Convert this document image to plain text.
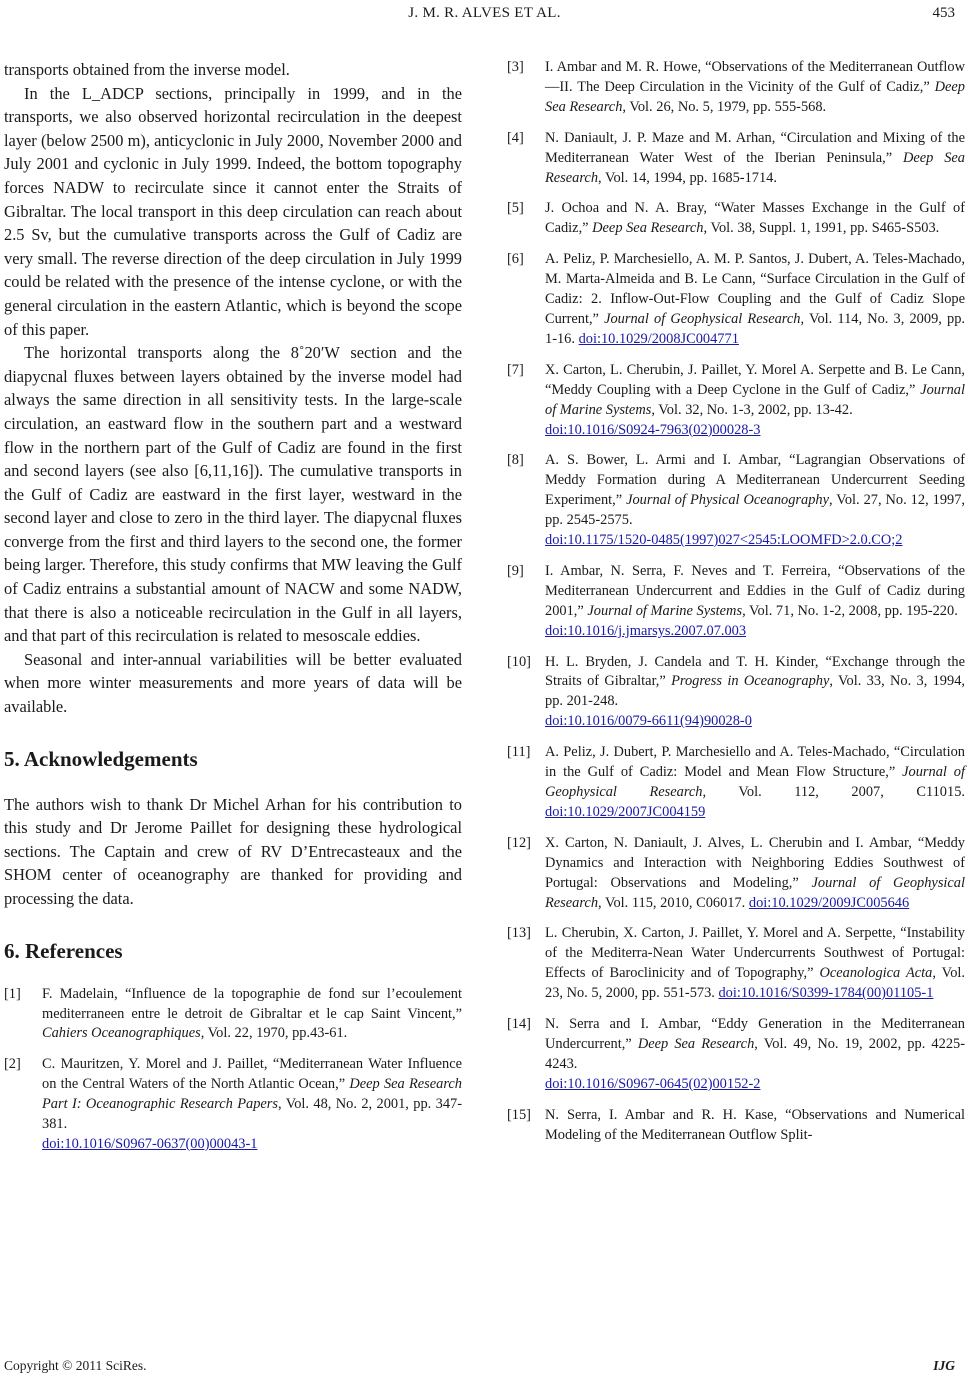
J. M. R. ALVES ET AL.	453

transports obtained from the inverse model.

In the L_ADCP sections, principally in 1999, and in the transports, we also observed horizontal recirculation in the deepest layer (below 2500 m), anticyclonic in July 2000, November 2000 and July 2001 and cyclonic in July 1999. Indeed, the bottom topography forces NADW to recirculate since it cannot enter the Straits of Gibraltar. The local transport in this deep circulation can reach about 2.5 Sv, but the cumulative transports across the Gulf of Cadiz are very small. The reverse direction of the deep circulation in July 1999 could be related with the presence of the intense cyclone, or with the general circulation in the eastern Atlantic, which is beyond the scope of this paper.

The horizontal transports along the 8˚20′W section and the diapycnal fluxes between layers obtained by the inverse model had always the same direction in all sensitivity tests. In the large-scale circulation, an eastward flow in the southern part and a westward flow in the northern part of the Gulf of Cadiz are found in the first and second layers (see also [6,11,16]). The cumulative transports in the Gulf of Cadiz are eastward in the first layer, westward in the second layer and close to zero in the third layer. The diapycnal fluxes converge from the first and third layers to the second one, the former being larger. Therefore, this study confirms that MW leaving the Gulf of Cadiz entrains a substantial amount of NACW and some NADW, that there is also a noticeable recirculation in the Gulf in all layers, and that part of this recirculation is related to mesoscale eddies.

Seasonal and inter-annual variabilities will be better evaluated when more winter measurements and more years of data will be available.

5. Acknowledgements

The authors wish to thank Dr Michel Arhan for his contribution to this study and Dr Jerome Paillet for designing these hydrological sections. The Captain and crew of RV D’Entrecasteaux and the SHOM center of oceanography are thanked for providing and processing the data.

6. References
[1]	F. Madelain, “Influence de la topographie de fond sur l’ecoulement mediterraneen entre le detroit de Gibraltar et le cap Saint Vincent,” Cahiers Oceanographiques, Vol. 22, 1970, pp.43-61.
[2]	C. Mauritzen, Y. Morel and J. Paillet, “Mediterranean Water Influence on the Central Waters of the North Atlantic Ocean,” Deep Sea Research Part I: Oceanographic Research Papers, Vol. 48, No. 2, 2001, pp. 347-381.
doi:10.1016/S0967-0637(00)00043-1
[3]	I. Ambar and M. R. Howe, “Observations of the Mediterranean Outflow—II. The Deep Circulation in the Vicinity of the Gulf of Cadiz,” Deep Sea Research, Vol. 26, No. 5, 1979, pp. 555-568.
[4]	N. Daniault, J. P. Maze and M. Arhan, “Circulation and Mixing of the Mediterranean Water West of the Iberian Peninsula,” Deep Sea Research, Vol. 14, 1994, pp. 1685-1714.
[5]	J. Ochoa and N. A. Bray, “Water Masses Exchange in the Gulf of Cadiz,” Deep Sea Research, Vol. 38, Suppl. 1, 1991, pp. S465-S503.
[6]	A. Peliz, P. Marchesiello, A. M. P. Santos, J. Dubert, A. Teles-Machado, M. Marta-Almeida and B. Le Cann, “Surface Circulation in the Gulf of Cadiz: 2. Inflow-Out-Flow Coupling and the Gulf of Cadiz Slope Current,” Journal of Geophysical Research, Vol. 114, No. 3, 2009, pp. 1-16. doi:10.1029/2008JC004771
[7]	X. Carton, L. Cherubin, J. Paillet, Y. Morel A. Serpette and B. Le Cann, “Meddy Coupling with a Deep Cyclone in the Gulf of Cadiz,” Journal of Marine Systems, Vol. 32, No. 1-3, 2002, pp. 13-42.
doi:10.1016/S0924-7963(02)00028-3
[8]	A. S. Bower, L. Armi and I. Ambar, “Lagrangian Observations of Meddy Formation during A Mediterranean Undercurrent Seeding Experiment,” Journal of Physical Oceanography, Vol. 27, No. 12, 1997, pp. 2545-2575.
doi:10.1175/1520-0485(1997)027<2545:LOOMFD>2.0.CO;2
[9]	I. Ambar, N. Serra, F. Neves and T. Ferreira, “Observations of the Mediterranean Undercurrent and Eddies in the Gulf of Cadiz during 2001,” Journal of Marine Systems, Vol. 71, No. 1-2, 2008, pp. 195-220.
doi:10.1016/j.jmarsys.2007.07.003
[10] H. L. Bryden, J. Candela and T. H. Kinder, “Exchange through the Straits of Gibraltar,” Progress in Oceanography, Vol. 33, No. 3, 1994, pp. 201-248.
doi:10.1016/0079-6611(94)90028-0
[11]	A. Peliz, J. Dubert, P. Marchesiello and A. Teles-Machado, “Circulation in the Gulf of Cadiz: Model and Mean Flow Structure,” Journal of Geophysical Research, Vol. 112, 2007, C11015. doi:10.1029/2007JC004159
[12] X. Carton, N. Daniault, J. Alves, L. Cherubin and I. Ambar, “Meddy Dynamics and Interaction with Neighboring Eddies Southwest of Portugal: Observations and Modeling,” Journal of Geophysical Research, Vol. 115, 2010, C06017. doi:10.1029/2009JC005646
[13] L. Cherubin, X. Carton, J. Paillet, Y. Morel and A. Serpette, “Instability of the Mediterra-Nean Water Undercurrents Southwest of Portugal: Effects of Baroclinicity and of Topography,” Oceanologica Acta, Vol. 23, No. 5, 2000, pp. 551-573. doi:10.1016/S0399-1784(00)01105-1
[14] N. Serra and I. Ambar, “Eddy Generation in the Mediterranean Undercurrent,” Deep Sea Research, Vol. 49, No. 19, 2002, pp. 4225-4243.
doi:10.1016/S0967-0645(02)00152-2
[15] N. Serra, I. Ambar and R. H. Kase, “Observations and Numerical Modeling of the Mediterranean Outflow Split-
Copyright © 2011 SciRes.	IJG
